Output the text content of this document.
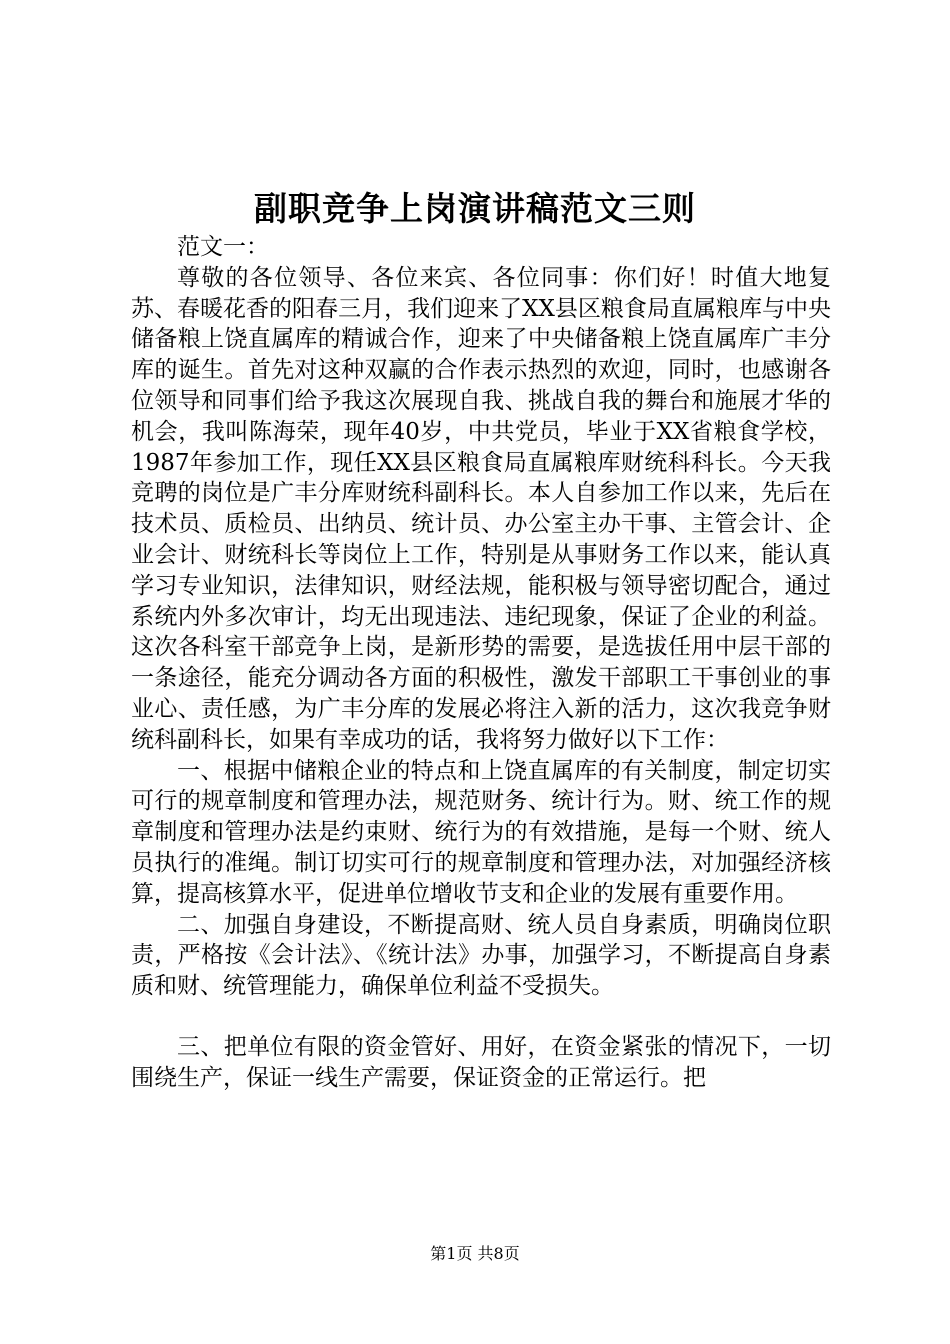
副职竞争上岗演讲稿范文三则

范文一：

尊敬的各位领导、各位来宾、各位同事：你们好！时值大地复苏、春暖花香的阳春三月，我们迎来了XX县区粮食局直属粮库与中央储备粮上饶直属库的精诚合作，迎来了中央储备粮上饶直属库广丰分库的诞生。首先对这种双赢的合作表示热烈的欢迎，同时，也感谢各位领导和同事们给予我这次展现自我、挑战自我的舞台和施展才华的机会，我叫陈海荣，现年40岁，中共党员，毕业于XX省粮食学校，1987年参加工作，现任XX县区粮食局直属粮库财统科科长。今天我竞聘的岗位是广丰分库财统科副科长。本人自参加工作以来，先后在技术员、质检员、出纳员、统计员、办公室主办干事、主管会计、企业会计、财统科长等岗位上工作，特别是从事财务工作以来，能认真学习专业知识，法律知识，财经法规，能积极与领导密切配合，通过系统内外多次审计，均无出现违法、违纪现象，保证了企业的利益。这次各科室干部竞争上岗，是新形势的需要，是选拔任用中层干部的一条途径，能充分调动各方面的积极性，激发干部职工干事创业的事业心、责任感，为广丰分库的发展必将注入新的活力，这次我竞争财统科副科长，如果有幸成功的话，我将努力做好以下工作：

一、根据中储粮企业的特点和上饶直属库的有关制度，制定切实可行的规章制度和管理办法，规范财务、统计行为。财、统工作的规章制度和管理办法是约束财、统行为的有效措施，是每一个财、统人员执行的准绳。制订切实可行的规章制度和管理办法，对加强经济核算，提高核算水平，促进单位增收节支和企业的发展有重要作用。

二、加强自身建设，不断提高财、统人员自身素质，明确岗位职责，严格按《会计法》、《统计法》办事，加强学习，不断提高自身素质和财、统管理能力，确保单位利益不受损失。

三、把单位有限的资金管好、用好，在资金紧张的情况下，一切围绕生产，保证一线生产需要，保证资金的正常运行。把

第1页 共8页
